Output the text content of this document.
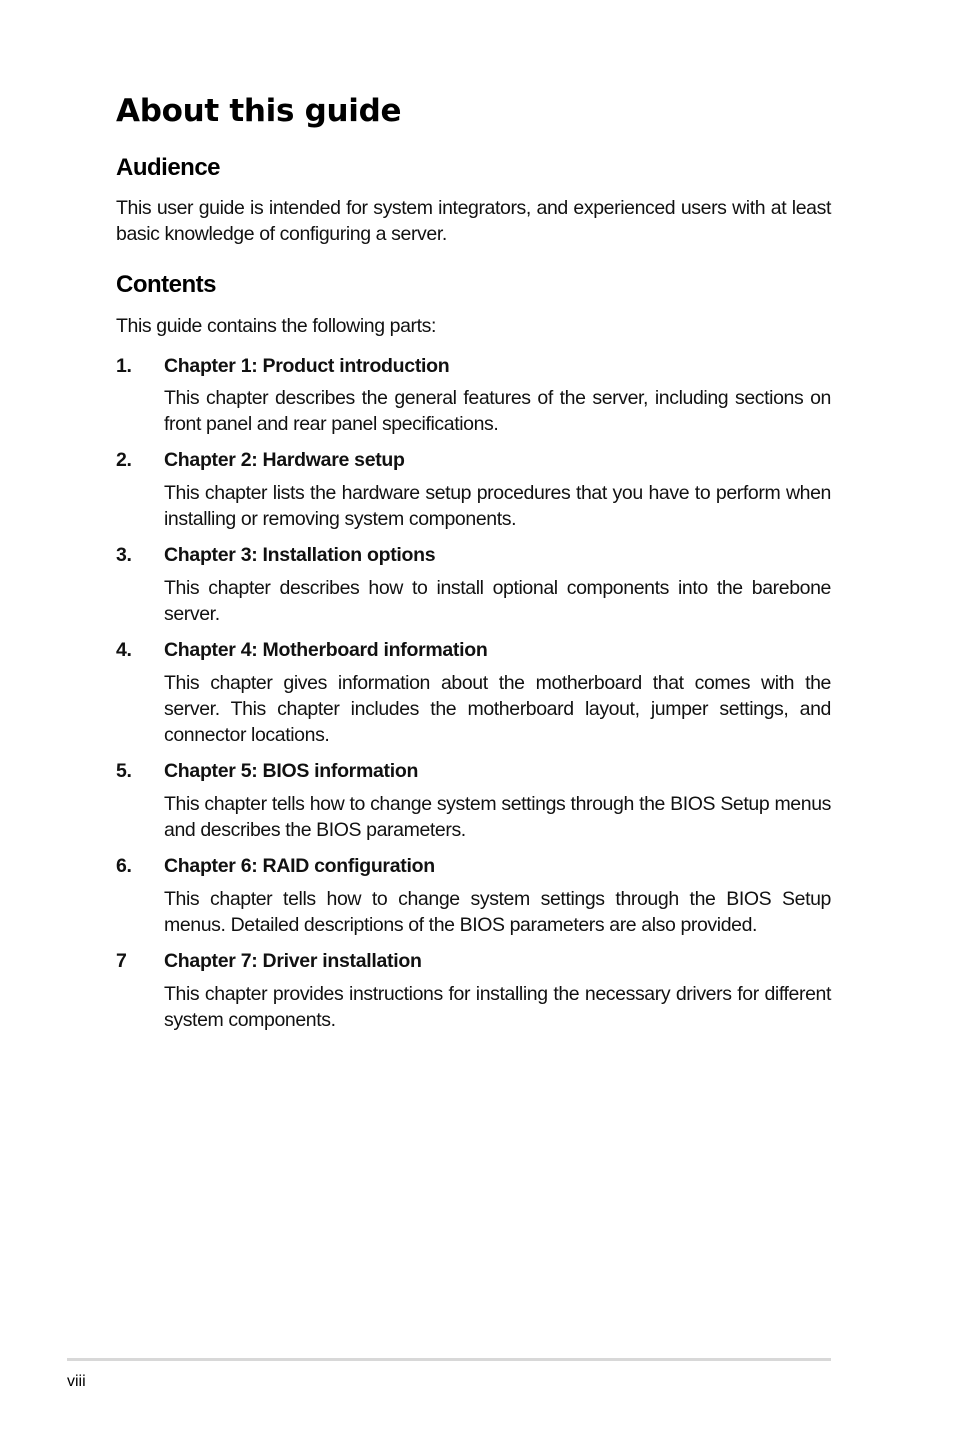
About this guide
Audience

This user guide is intended for system integrators, and experienced users with at least basic knowledge of configuring a server.

Contents

This guide contains the following parts:

1. Chapter 1: Product introduction

This chapter describes the general features of the server, including sections on front panel and rear panel specifications.

2. Chapter 2: Hardware setup

This chapter lists the hardware setup procedures that you have to perform when installing or removing system components.

3. Chapter 3: Installation options

This chapter describes how to install optional components into the barebone server.

4. Chapter 4: Motherboard information

This chapter gives information about the motherboard that comes with the server. This chapter includes the motherboard layout, jumper settings, and connector locations.

5. Chapter 5: BIOS information

This chapter tells how to change system settings through the BIOS Setup menus and describes the BIOS parameters.

6. Chapter 6: RAID configuration

This chapter tells how to change system settings through the BIOS Setup menus. Detailed descriptions of the BIOS parameters are also provided.

7 Chapter 7: Driver installation

This chapter provides instructions for installing the necessary drivers for different system components.

viii
